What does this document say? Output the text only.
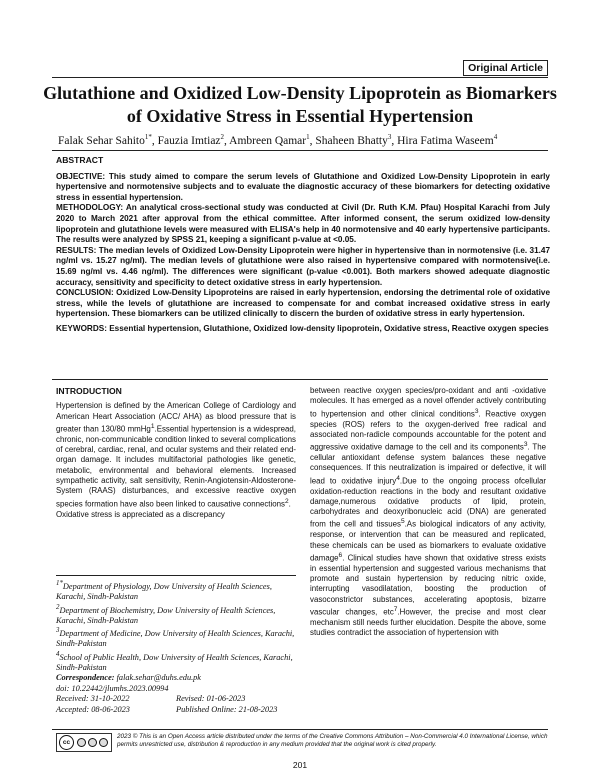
Original Article
Glutathione and Oxidized Low-Density Lipoprotein as Biomarkers of Oxidative Stress in Essential Hypertension
Falak Sehar Sahito$^{1*}$, Fauzia Imtiaz$^2$, Ambreen Qamar$^1$, Shaheen Bhatty$^3$, Hira Fatima Waseem$^4$
ABSTRACT

OBJECTIVE: This study aimed to compare the serum levels of Glutathione and Oxidized Low-Density Lipoprotein in early hypertensive and normotensive subjects and to evaluate the diagnostic accuracy of these biomarkers for detecting oxidative stress in essential hypertension.

METHODOLOGY: An analytical cross-sectional study was conducted at Civil (Dr. Ruth K.M. Pfau) Hospital Karachi from July 2020 to March 2021 after approval from the ethical committee. After informed consent, the serum oxidized low-density lipoprotein and glutathione levels were measured with ELISA's help in 40 normotensive and 40 early hypertensive participants. The results were analyzed by SPSS 21, keeping a significant p-value at <0.05.

RESULTS: The median levels of Oxidized Low-Density Lipoprotein were higher in hypertensive than in normotensive (i.e. 31.47 ng/ml vs. 15.27 ng/ml). The median levels of glutathione were also raised in hypertensive compared with normotensive(i.e. 15.69 ng/ml vs. 4.46 ng/ml). The differences were significant (p-value <0.001). Both markers showed adequate diagnostic accuracy, sensitivity and specificity to detect oxidative stress in early hypertension.

CONCLUSION: Oxidized Low-Density Lipoproteins are raised in early hypertension, endorsing the detrimental role of oxidative stress, while the levels of glutathione are increased to compensate for and combat increased oxidative stress in early hypertension. These biomarkers can be utilized clinically to discern the burden of oxidative stress in early hypertension.

KEYWORDS: Essential hypertension, Glutathione, Oxidized low-density lipoprotein, Oxidative stress, Reactive oxygen species

INTRODUCTION

Hypertension is defined by the American College of Cardiology and American Heart Association (ACC/ AHA) as blood pressure that is greater than 130/80 mmHg$^1$.Essential hypertension is a widespread, chronic, non-communicable condition linked to several complications of cerebral, cardiac, renal, and ocular systems and their related end-organ damage. It includes multifactorial pathologies like genetic, metabolic, environmental and behavioral elements. Increased sympathetic activity, salt sensitivity, Renin-Angiotensin-Aldosterone-System (RAAS) disturbances, and excessive reactive oxygen species formation have also been linked to causative connections$^2$.

Oxidative stress is appreciated as a discrepancy

$^{1*}$Department of Physiology, Dow University of Health Sciences, Karachi, Sindh-Pakistan
$^2$Department of Biochemistry, Dow University of Health Sciences, Karachi, Sindh-Pakistan
$^3$Department of Medicine, Dow University of Health Sciences, Karachi, Sindh-Pakistan
$^4$School of Public Health, Dow University of Health Sciences, Karachi, Sindh-Pakistan
Correspondence: falak.sehar@duhs.edu.pk
doi: 10.22442/jlumhs.2023.00994
Received: 31-10-2022	Revised: 01-06-2023
Accepted: 08-06-2023	Published Online: 21-08-2023

between reactive oxygen species/pro-oxidant and anti -oxidative molecules. It has emerged as a novel offender actively contributing to hypertension and other clinical conditions$^3$. Reactive oxygen species (ROS) refers to the oxygen-derived free radical and associated non-radicle compounds accountable for the potent and aggressive oxidative damage to the cell and its components$^3$. The cellular antioxidant defense system balances these negative consequences. If this neutralization is impaired or defective, it will lead to oxidative injury$^4$.Due to the ongoing process ofcellular oxidation-reduction reactions in the body and resultant oxidative damage,numerous oxidative products of lipid, protein, carbohydrates and deoxyribonucleic acid (DNA) are generated from the cell and tissues$^5$.As biological indicators of any activity, response, or intervention that can be measured and replicated, these chemicals can be used as biomarkers to evaluate oxidative damage$^6$. Clinical studies have shown that oxidative stress exists in essential hypertension and suggested various mechanisms that promote and sustain hypertension by reducing nitric oxide, interrupting vasodilatation, boosting the production of vasoconstrictor substances, accelerating apoptosis, bizarre vascular changes, etc$^7$.However, the precise and most clear mechanism still needs further elucidation. Despite the above, some studies contradict the association of hypertension with

cc
2023 © This is an Open Access article distributed under the terms of the Creative Commons Attribution – Non-Commercial 4.0 International License, which permits unrestricted use, distribution & reproduction in any medium provided that the original work is cited properly.
201
